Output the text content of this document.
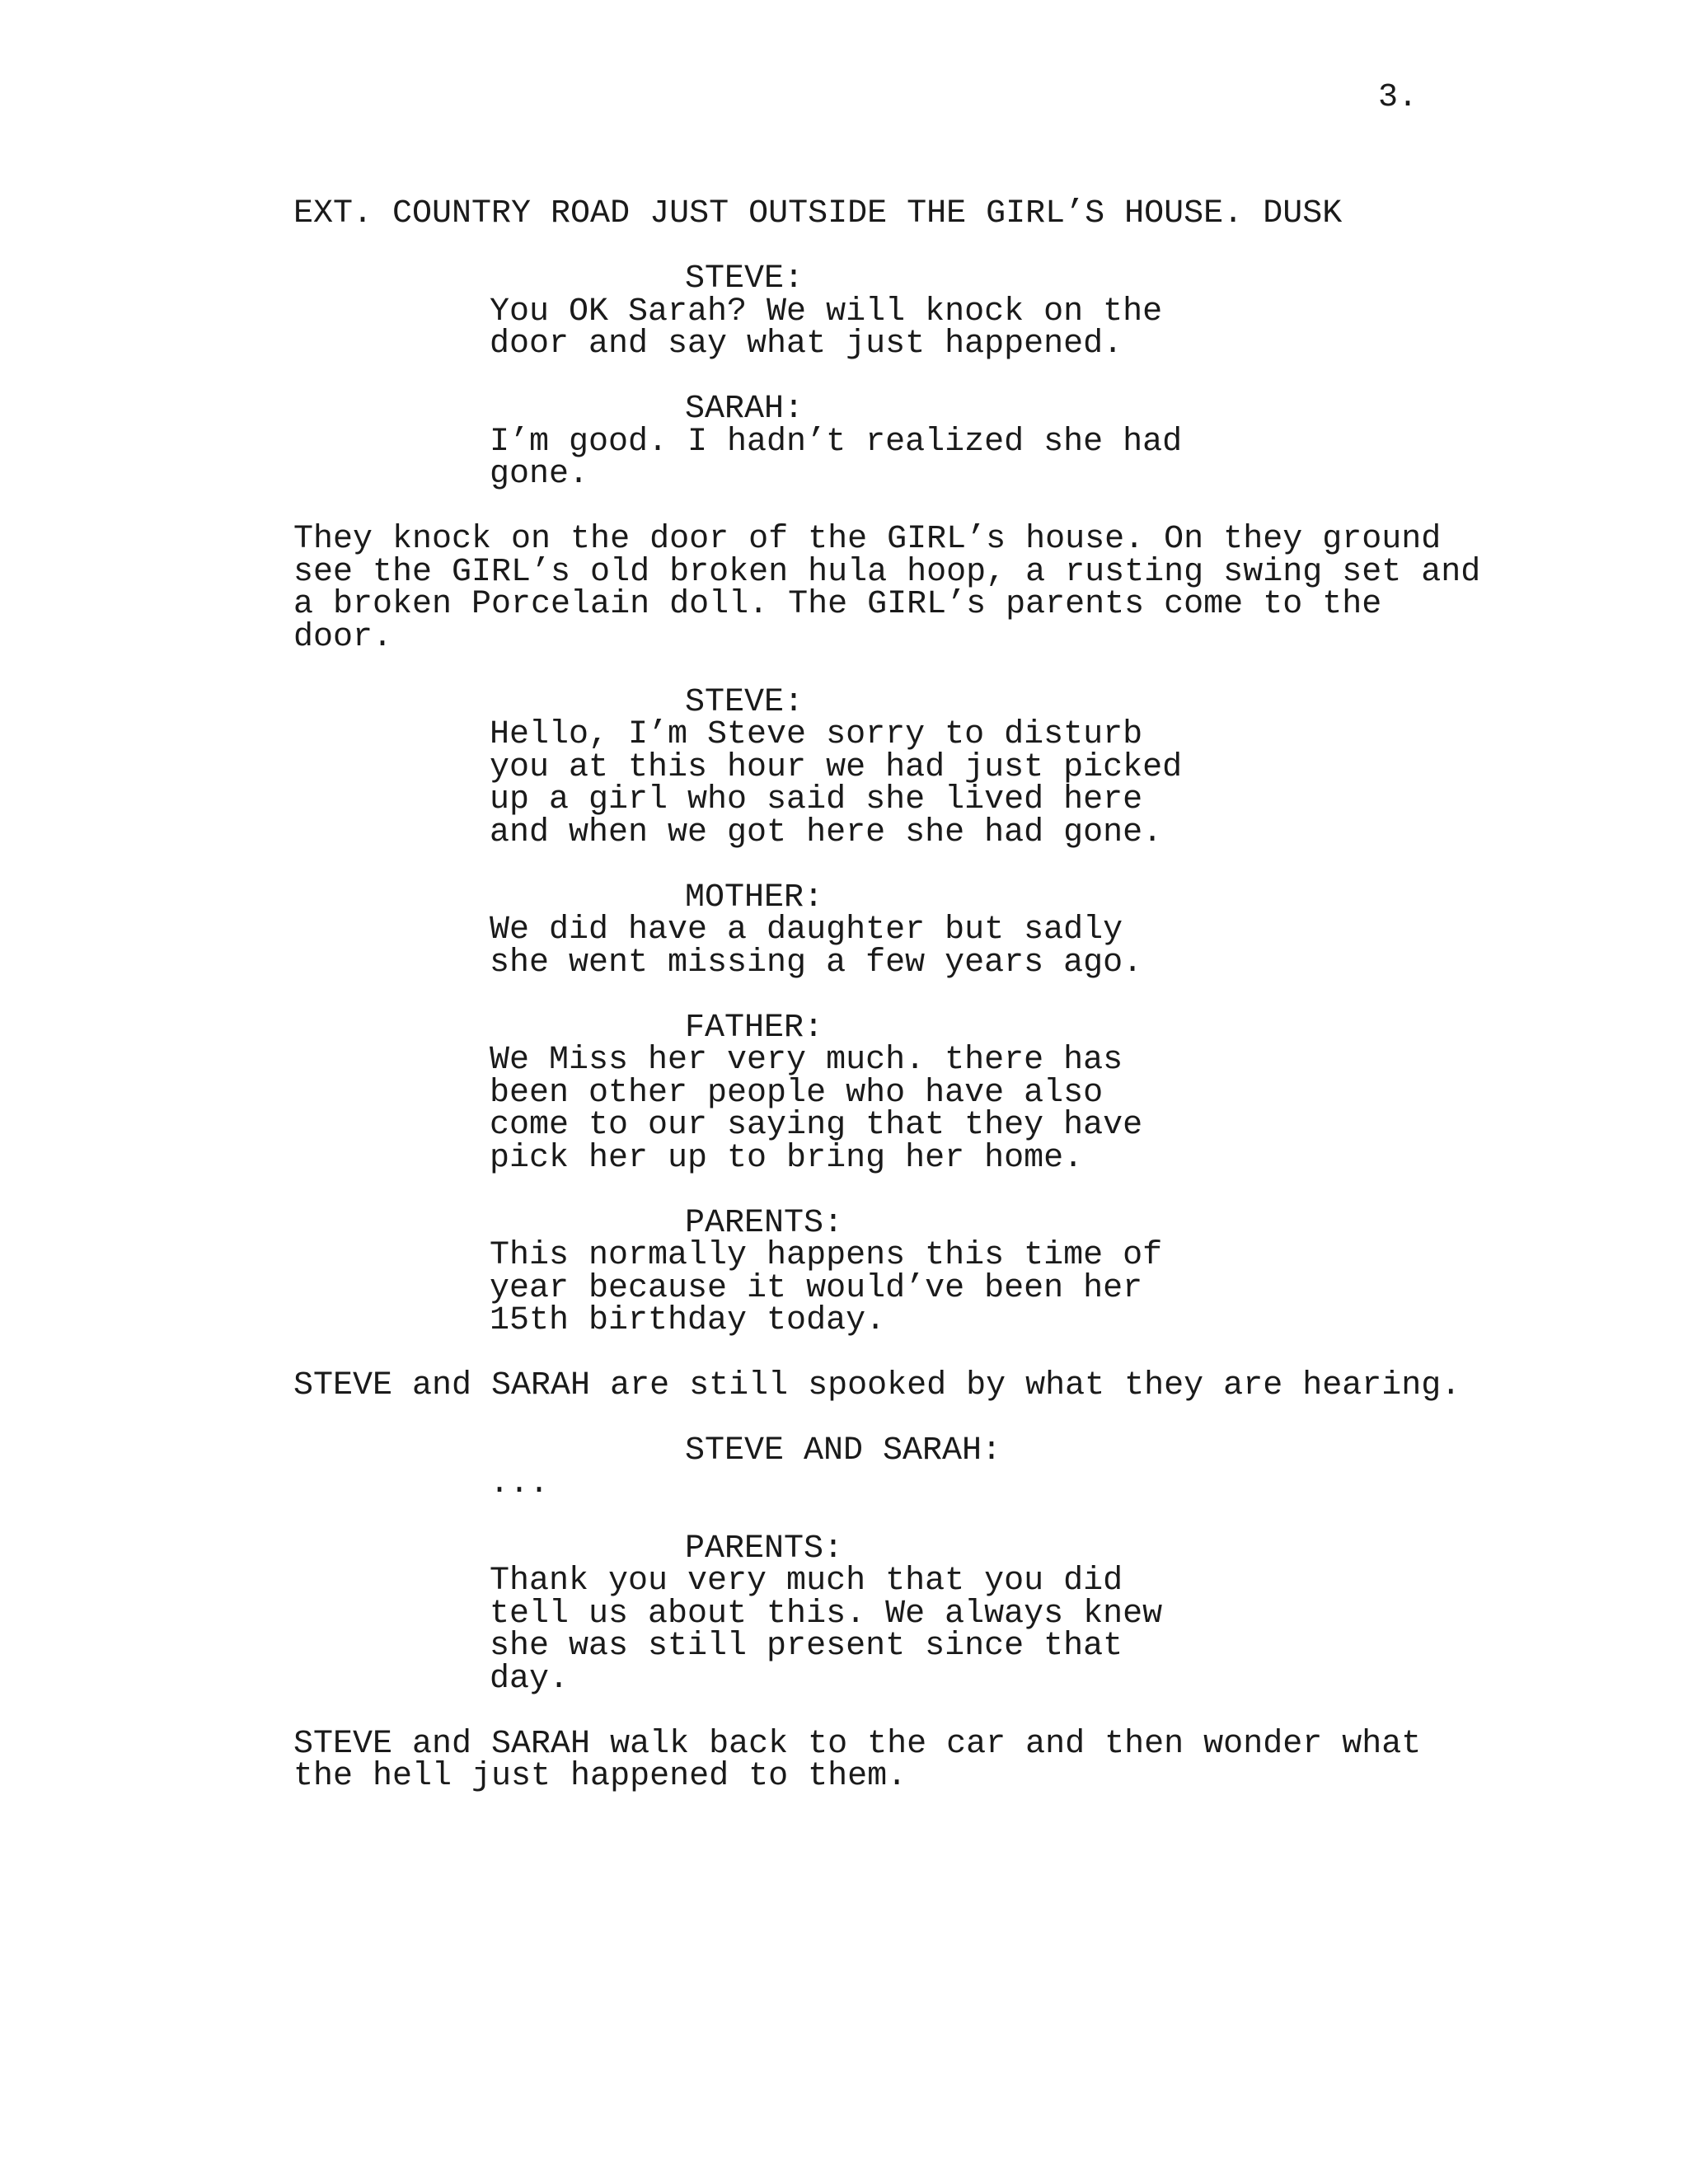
3.

EXT. COUNTRY ROAD JUST OUTSIDE THE GIRL’S HOUSE. DUSK

STEVE:

You OK Sarah? We will knock on the

door and say what just happened.

SARAH:

I’m good. I hadn’t realized she had

gone.

They knock on the door of the GIRL’s house. On they ground

see the GIRL’s old broken hula hoop, a rusting swing set and

a broken Porcelain doll. The GIRL’s parents come to the

door.

STEVE:

Hello, I’m Steve sorry to disturb

you at this hour we had just picked

up a girl who said she lived here

and when we got here she had gone.

MOTHER:

We did have a daughter but sadly

she went missing a few years ago.

FATHER:

We Miss her very much. there has

been other people who have also

come to our saying that they have

pick her up to bring her home.

PARENTS:

This normally happens this time of

year because it would’ve been her

15th birthday today.

STEVE and SARAH are still spooked by what they are hearing.

STEVE AND SARAH:

...

PARENTS:

Thank you very much that you did

tell us about this. We always knew

she was still present since that

day.

STEVE and SARAH walk back to the car and then wonder what

the hell just happened to them.
